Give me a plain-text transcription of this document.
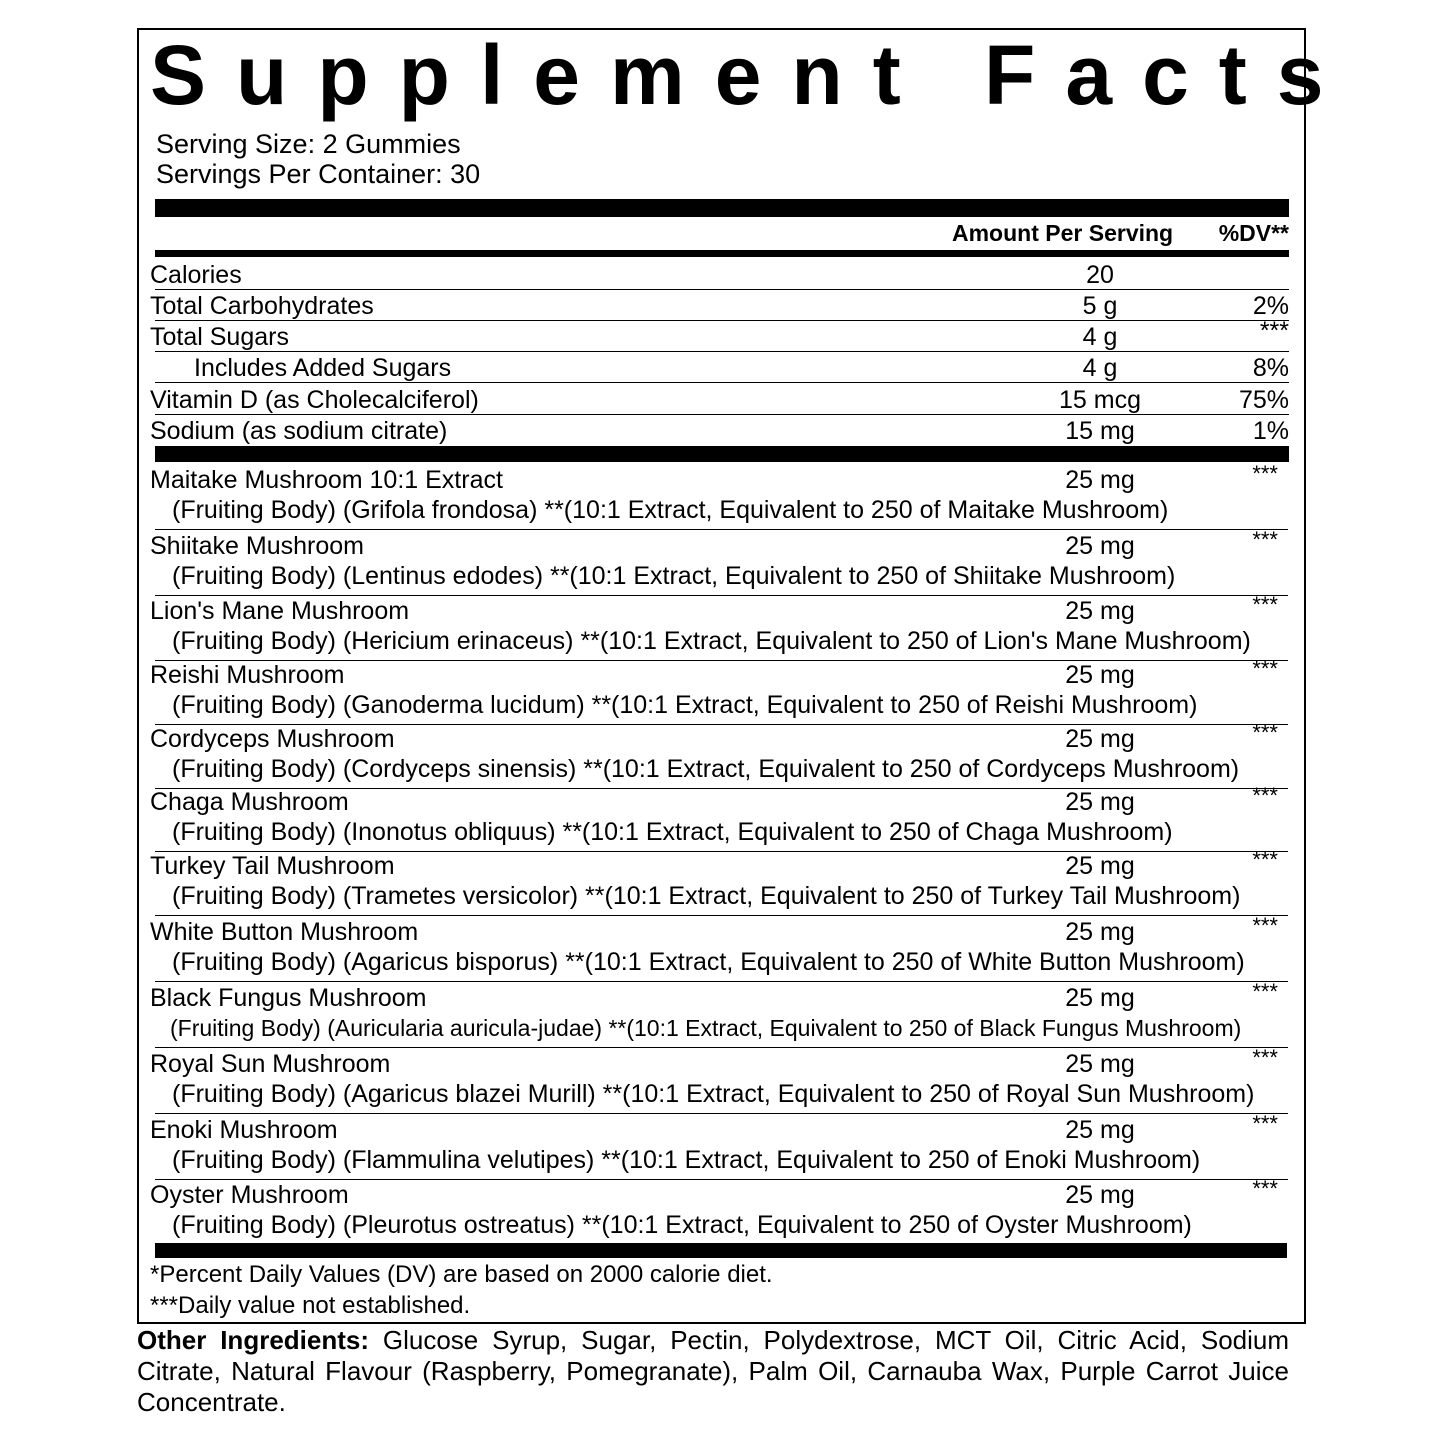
Supplement Facts
Serving Size: 2 Gummies
Servings Per Container: 30
Amount Per Serving %DV**
Calories	20
Total Carbohydrates	5 g	2%
Total Sugars	4 g	***
Includes Added Sugars	4 g	8%
Vitamin D (as Cholecalciferol)	15 mcg	75%
Sodium (as sodium citrate)	15 mg	1%
Maitake Mushroom 10:1 Extract	25 mg	***
(Fruiting Body) (Grifola frondosa) **(10:1 Extract, Equivalent to 250 of Maitake Mushroom)
Shiitake Mushroom	25 mg	***
(Fruiting Body) (Lentinus edodes) **(10:1 Extract, Equivalent to 250 of Shiitake Mushroom)
Lion's Mane Mushroom	25 mg	***
(Fruiting Body) (Hericium erinaceus) **(10:1 Extract, Equivalent to 250 of Lion's Mane Mushroom)
Reishi Mushroom	25 mg	***
(Fruiting Body) (Ganoderma lucidum) **(10:1 Extract, Equivalent to 250 of Reishi Mushroom)
Cordyceps Mushroom	25 mg	***
(Fruiting Body) (Cordyceps sinensis) **(10:1 Extract, Equivalent to 250 of Cordyceps Mushroom)
Chaga Mushroom	25 mg	***
(Fruiting Body) (Inonotus obliquus) **(10:1 Extract, Equivalent to 250 of Chaga Mushroom)
Turkey Tail Mushroom	25 mg	***
(Fruiting Body) (Trametes versicolor) **(10:1 Extract, Equivalent to 250 of Turkey Tail Mushroom)
White Button Mushroom	25 mg	***
(Fruiting Body) (Agaricus bisporus) **(10:1 Extract, Equivalent to 250 of White Button Mushroom)
Black Fungus Mushroom	25 mg	***
(Fruiting Body) (Auricularia auricula-judae) **(10:1 Extract, Equivalent to 250 of Black Fungus Mushroom)
Royal Sun Mushroom	25 mg	***
(Fruiting Body) (Agaricus blazei Murill) **(10:1 Extract, Equivalent to 250 of Royal Sun Mushroom)
Enoki Mushroom	25 mg	***
(Fruiting Body) (Flammulina velutipes) **(10:1 Extract, Equivalent to 250 of Enoki Mushroom)
Oyster Mushroom	25 mg	***
(Fruiting Body) (Pleurotus ostreatus) **(10:1 Extract, Equivalent to 250 of Oyster Mushroom)
*Percent Daily Values (DV) are based on 2000 calorie diet.
***Daily value not established.
Other Ingredients: Glucose Syrup, Sugar, Pectin, Polydextrose, MCT Oil, Citric Acid, Sodium Citrate, Natural Flavour (Raspberry, Pomegranate), Palm Oil, Carnauba Wax, Purple Carrot Juice Concentrate.
